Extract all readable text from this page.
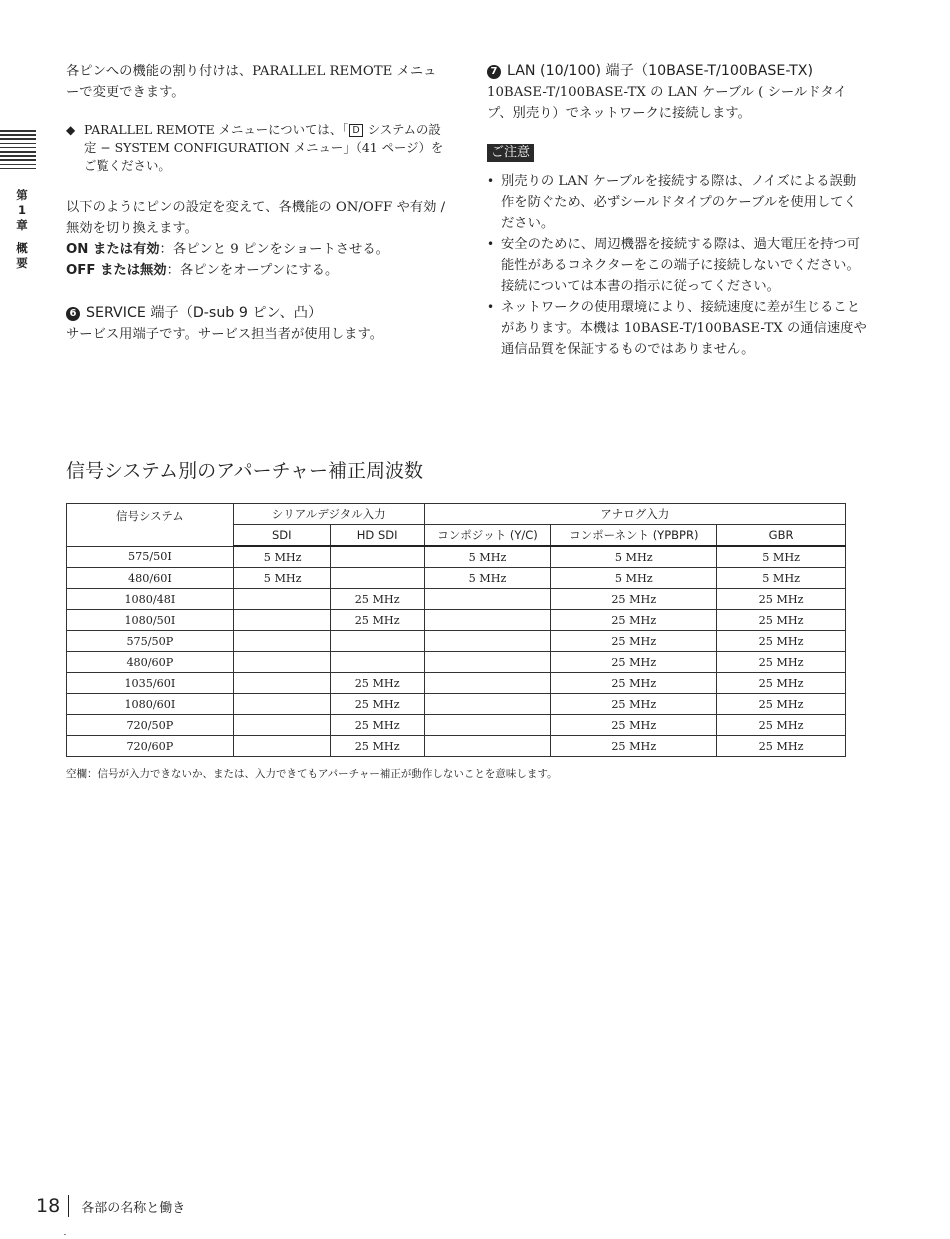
第
1
章
概
要

各ピンへの機能の割り付けは、PARALLEL REMOTE メニューで変更できます。

◆ PARALLEL REMOTE メニューについては、「 D システムの設定 − SYSTEM CONFIGURATION メニュー」（41 ページ）をご覧ください。

以下のようにピンの設定を変えて、各機能の ON/OFF や有効 / 無効を切り換えます。

ON または有効：各ピンと 9 ピンをショートさせる。

OFF または無効：各ピンをオープンにする。

6 SERVICE 端子（D-sub 9 ピン、凸）

サービス用端子です。サービス担当者が使用します。

7 LAN (10/100) 端子（10BASE-T/100BASE-TX)

10BASE-T/100BASE-TX の LAN ケーブル ( シールドタイプ、別売り）でネットワークに接続します。

ご注意
• 別売りの LAN ケーブルを接続する際は、ノイズによる誤動作を防ぐため、必ずシールドタイプのケーブルを使用してください。
• 安全のために、周辺機器を接続する際は、過大電圧を持つ可能性があるコネクターをこの端子に接続しないでください。
接続については本書の指示に従ってください。
• ネットワークの使用環境により、接続速度に差が生じることがあります。本機は 10BASE-T/100BASE-TX の通信速度や通信品質を保証するものではありません。
信号システム別のアパーチャー補正周波数
信号システム	シリアルデジタル入力		アナログ入力		
	SDI	HD SDI	コンポジット (Y/C)	コンポーネント (YPBPR)	GBR
575/50I	5 MHz		5 MHz	5 MHz	5 MHz
480/60I	5 MHz		5 MHz	5 MHz	5 MHz
1080/48I		25 MHz		25 MHz	25 MHz
1080/50I		25 MHz		25 MHz	25 MHz
575/50P				25 MHz	25 MHz
480/60P				25 MHz	25 MHz
1035/60I		25 MHz		25 MHz	25 MHz
1080/60I		25 MHz		25 MHz	25 MHz
720/50P		25 MHz		25 MHz	25 MHz
720/60P		25 MHz		25 MHz	25 MHz

空欄：信号が入力できないか、または、入力できてもアパーチャー補正が動作しないことを意味します。

18 各部の名称と働き
